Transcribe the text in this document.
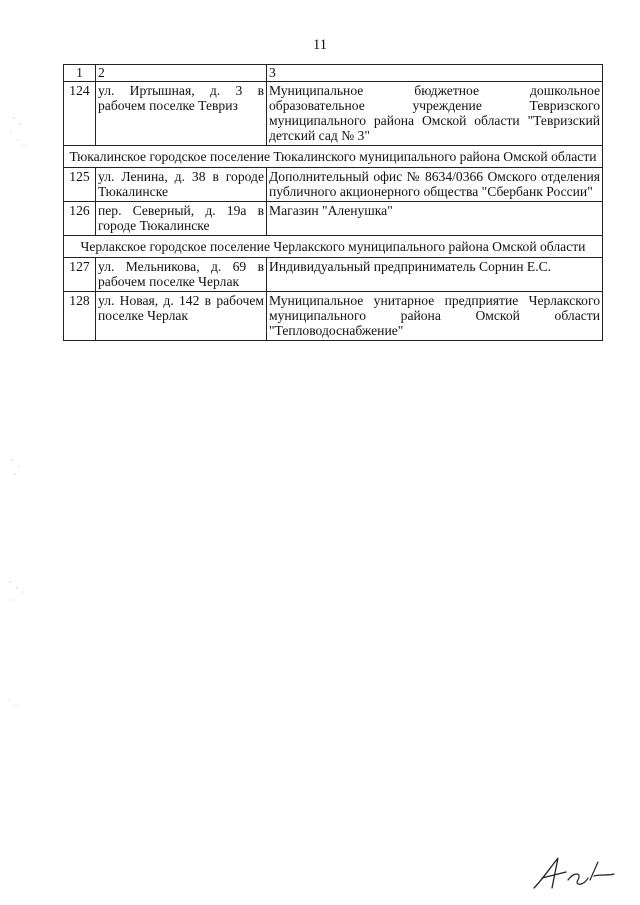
11
1	2	3
124	ул. Иртышная, д. 3 в рабочем поселке Тевриз	Муниципальное бюджетное дошкольное образовательное учреждение Тевризского муниципального района Омской области "Тевризский детский сад № 3"
Тюкалинское городское поселение Тюкалинского муниципального района Омской области		
125	ул. Ленина, д. 38 в городе Тюкалинске	Дополнительный офис № 8634/0366 Омского отделения публичного акционерного общества "Сбербанк России"
126	пер. Северный, д. 19а в городе Тюкалинске	Магазин "Аленушка"
Черлакское городское поселение Черлакского муниципального района Омской области		
127	ул. Мельникова, д. 69 в рабочем поселке Черлак	Индивидуальный предприниматель Сорнин Е.С.
128	ул. Новая, д. 142 в рабочем поселке Черлак	Муниципальное унитарное предприятие Черлакского муниципального района Омской области "Тепловодоснабжение"
